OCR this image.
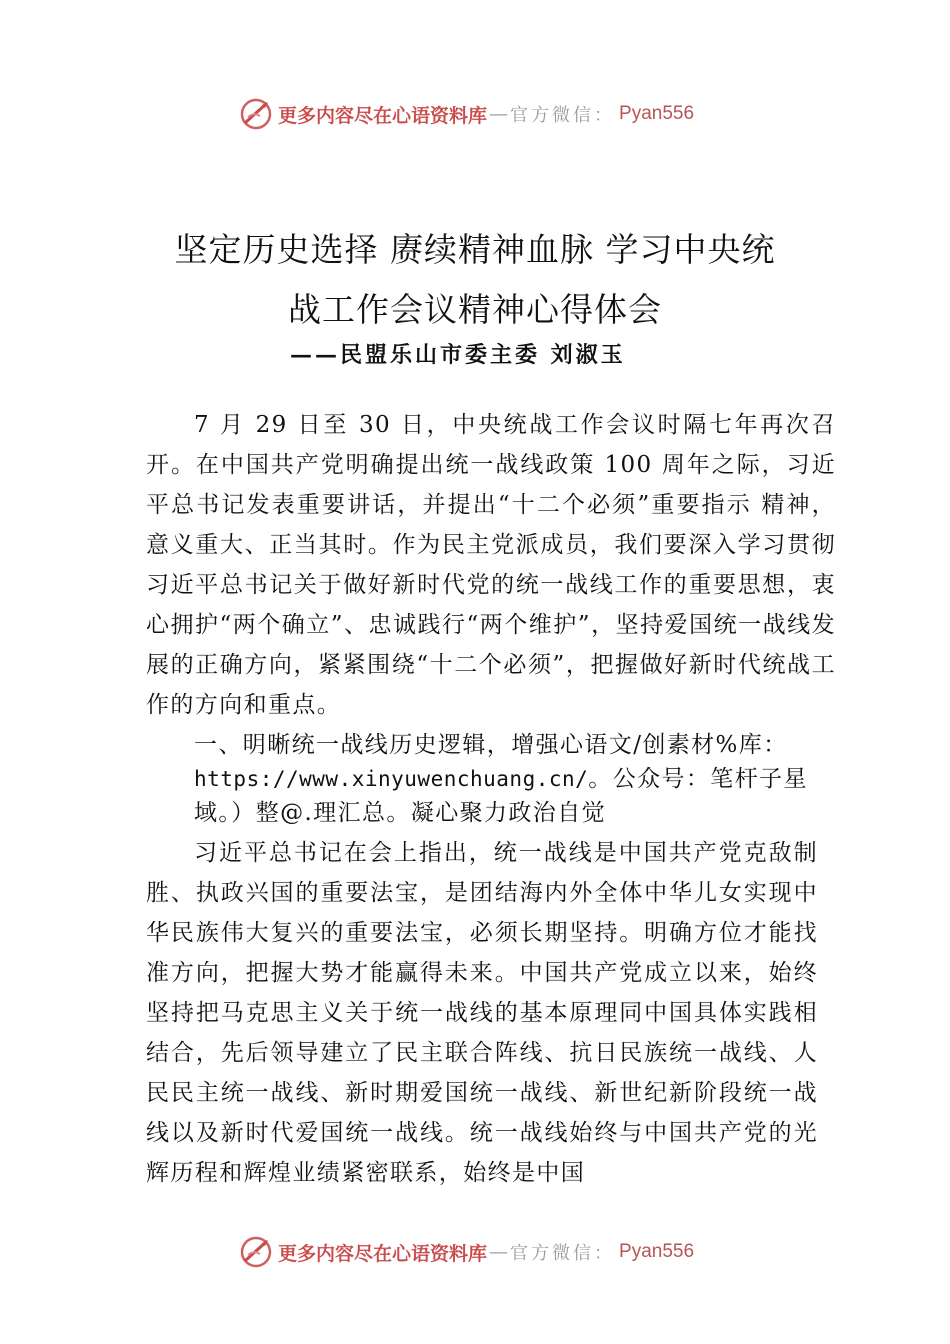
更多内容尽在心语资料库 — 官方微信： Pyan556
坚定历史选择 赓续精神血脉 学习中央统
战工作会议精神心得体会
——民盟乐山市委主委 刘淑玉

7 月 29 日至 30 日，中央统战工作会议时隔七年再次召开。在中国共产党明确提出统一战线政策 100 周年之际，习近平总书记发表重要讲话，并提出“十二个必须”重要指示 精神，意义重大、正当其时。作为民主党派成员，我们要深入学习贯彻习近平总书记关于做好新时代党的统一战线工作的重要思想，衷心拥护“两个确立”、忠诚践行“两个维护”，坚持爱国统一战线发展的正确方向，紧紧围绕“十二个必须”，把握做好新时代统战工作的方向和重点。

一、明晰统一战线历史逻辑，增强心语文/创素材%库：https://www.xinyuwenchuang.cn/。公众号：笔杆子星域。）整@.理汇总。凝心聚力政治自觉

习近平总书记在会上指出，统一战线是中国共产党克敌制胜、执政兴国的重要法宝，是团结海内外全体中华儿女实现中华民族伟大复兴的重要法宝，必须长期坚持。明确方位才能找准方向，把握大势才能赢得未来。中国共产党成立以来，始终坚持把马克思主义关于统一战线的基本原理同中国具体实践相结合，先后领导建立了民主联合阵线、抗日民族统一战线、人民民主统一战线、新时期爱国统一战线、新世纪新阶段统一战线以及新时代爱国统一战线。统一战线始终与中国共产党的光辉历程和辉煌业绩紧密联系，始终是中国

更多内容尽在心语资料库 — 官方微信： Pyan556
